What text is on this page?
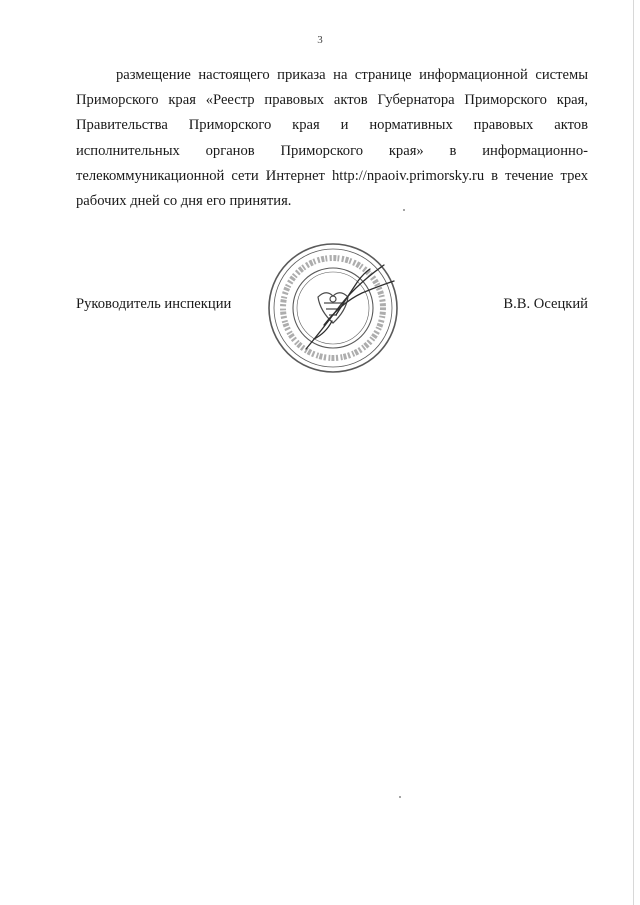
3

размещение настоящего приказа на странице информационной системы Приморского края «Реестр правовых актов Губернатора Приморского края, Правительства Приморского края и нормативных правовых актов исполнительных органов Приморского края» в информационно-телекоммуникационной сети Интернет http://npaoiv.primorsky.ru в течение трех рабочих дней со дня его принятия.

Руководитель инспекции	В.В. Осецкий
